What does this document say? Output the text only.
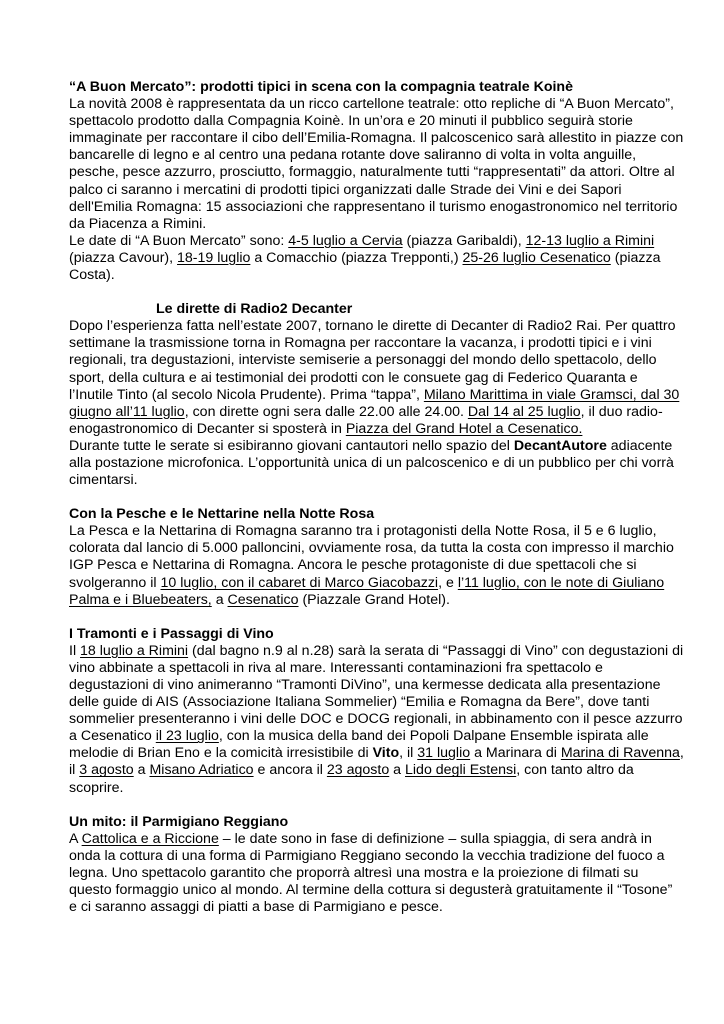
“A Buon Mercato”: prodotti tipici in scena con la compagnia teatrale Koinè

La novità 2008 è rappresentata da un ricco cartellone teatrale: otto repliche di “A Buon Mercato”, spettacolo prodotto dalla Compagnia Koinè. In un’ora e 20 minuti il pubblico seguirà storie immaginate per raccontare il cibo dell’Emilia-Romagna. Il palcoscenico sarà allestito in piazze con bancarelle di legno e al centro una pedana rotante dove saliranno di volta in volta anguille, pesche, pesce azzurro, prosciutto, formaggio, naturalmente tutti “rappresentati” da attori. Oltre al palco ci saranno i mercatini di prodotti tipici organizzati dalle Strade dei Vini e dei Sapori dell'Emilia Romagna: 15 associazioni che rappresentano il turismo enogastronomico nel territorio da Piacenza a Rimini.

Le date di “A Buon Mercato” sono: 4-5 luglio a Cervia (piazza Garibaldi), 12-13 luglio a Rimini (piazza Cavour), 18-19 luglio a Comacchio (piazza Trepponti,) 25-26 luglio Cesenatico (piazza Costa).

Le dirette di Radio2 Decanter

Dopo l’esperienza fatta nell’estate 2007, tornano le dirette di Decanter di Radio2 Rai. Per quattro settimane la trasmissione torna in Romagna per raccontare la vacanza, i prodotti tipici e i vini regionali, tra degustazioni, interviste semiserie a personaggi del mondo dello spettacolo, dello sport, della cultura e ai testimonial dei prodotti con le consuete gag di Federico Quaranta e l’Inutile Tinto (al secolo Nicola Prudente). Prima “tappa”, Milano Marittima in viale Gramsci, dal 30 giugno all’11 luglio, con dirette ogni sera dalle 22.00 alle 24.00. Dal 14 al 25 luglio, il duo radio-enogastronomico di Decanter si sposterà in Piazza del Grand Hotel a Cesenatico.

Durante tutte le serate si esibiranno giovani cantautori nello spazio del DecantAutore adiacente alla postazione microfonica. L’opportunità unica di un palcoscenico e di un pubblico per chi vorrà cimentarsi.

Con la Pesche e le Nettarine nella Notte Rosa

La Pesca e la Nettarina di Romagna saranno tra i protagonisti della Notte Rosa, il 5 e 6 luglio, colorata dal lancio di 5.000 palloncini, ovviamente rosa, da tutta la costa con impresso il marchio IGP Pesca e Nettarina di Romagna. Ancora le pesche protagoniste di due spettacoli che si svolgeranno il 10 luglio, con il cabaret di Marco Giacobazzi, e l’11 luglio, con le note di Giuliano Palma e i Bluebeaters, a Cesenatico (Piazzale Grand Hotel).

I Tramonti e i Passaggi di Vino

Il 18 luglio a Rimini (dal bagno n.9 al n.28) sarà la serata di “Passaggi di Vino” con degustazioni di vino abbinate a spettacoli in riva al mare. Interessanti contaminazioni fra spettacolo e degustazioni di vino animeranno “Tramonti DiVino”, una kermesse dedicata alla presentazione delle guide di AIS (Associazione Italiana Sommelier) “Emilia e Romagna da Bere”, dove tanti sommelier presenteranno i vini delle DOC e DOCG regionali, in abbinamento con il pesce azzurro a Cesenatico il 23 luglio, con la musica della band dei Popoli Dalpane Ensemble ispirata alle melodie di Brian Eno e la comicità irresistibile di Vito, il 31 luglio a Marinara di Marina di Ravenna, il 3 agosto a Misano Adriatico e ancora il 23 agosto a Lido degli Estensi, con tanto altro da scoprire.

Un mito: il Parmigiano Reggiano

A Cattolica e a Riccione – le date sono in fase di definizione – sulla spiaggia, di sera andrà in onda la cottura di una forma di Parmigiano Reggiano secondo la vecchia tradizione del fuoco a legna. Uno spettacolo garantito che proporrà altresì una mostra e la proiezione di filmati su questo formaggio unico al mondo. Al termine della cottura si degusterà gratuitamente il “Tosone” e ci saranno assaggi di piatti a base di Parmigiano e pesce.
